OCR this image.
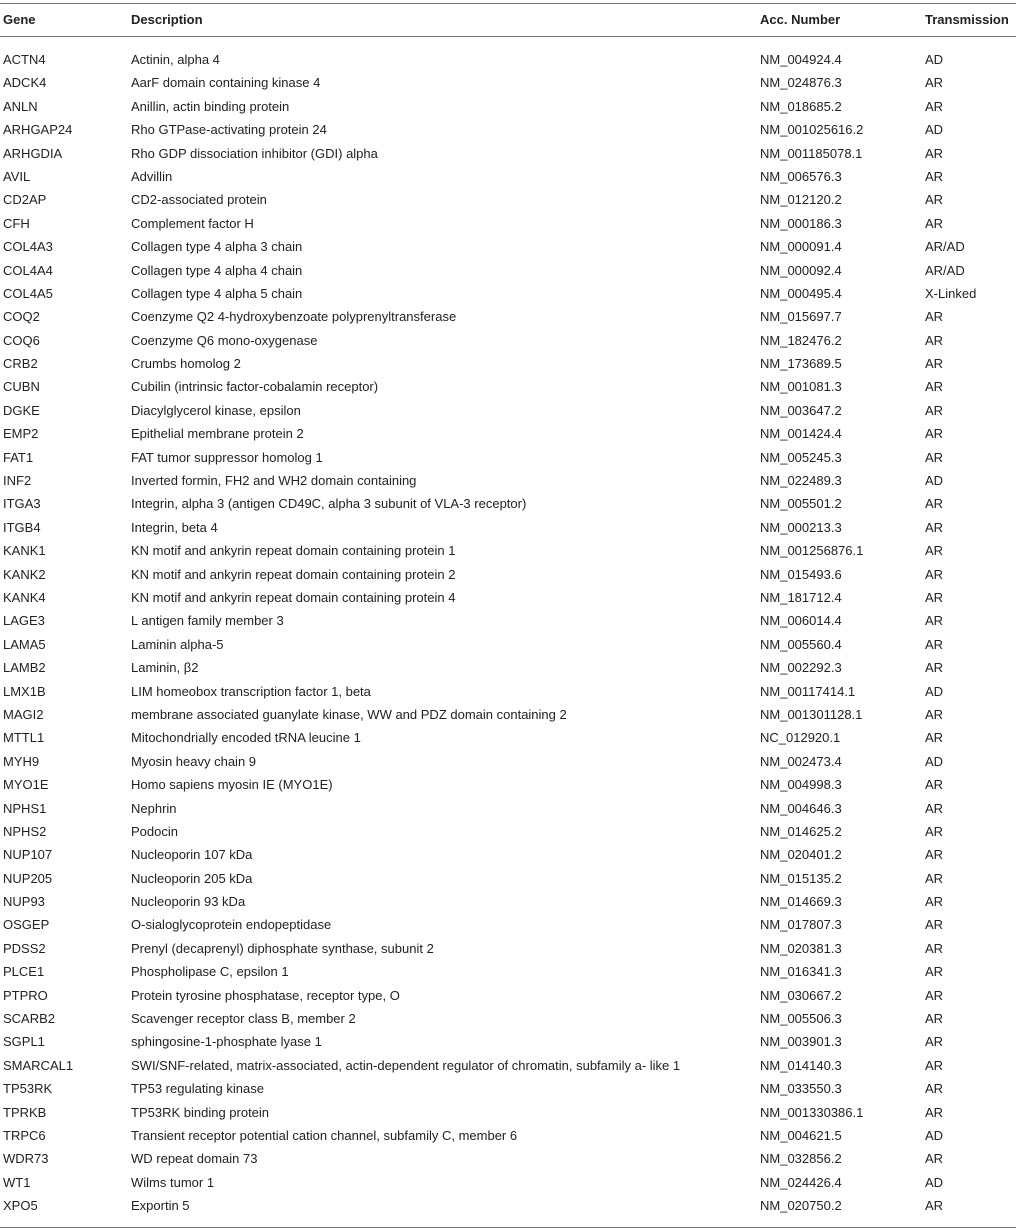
Gene	Description	Acc. Number	Transmission
ACTN4	Actinin, alpha 4	NM_004924.4	AD
ADCK4	AarF domain containing kinase 4	NM_024876.3	AR
ANLN	Anillin, actin binding protein	NM_018685.2	AR
ARHGAP24	Rho GTPase-activating protein 24	NM_001025616.2	AD
ARHGDIA	Rho GDP dissociation inhibitor (GDI) alpha	NM_001185078.1	AR
AVIL	Advillin	NM_006576.3	AR
CD2AP	CD2-associated protein	NM_012120.2	AR
CFH	Complement factor H	NM_000186.3	AR
COL4A3	Collagen type 4 alpha 3 chain	NM_000091.4	AR/AD
COL4A4	Collagen type 4 alpha 4 chain	NM_000092.4	AR/AD
COL4A5	Collagen type 4 alpha 5 chain	NM_000495.4	X-Linked
COQ2	Coenzyme Q2 4-hydroxybenzoate polyprenyltransferase	NM_015697.7	AR
COQ6	Coenzyme Q6 mono-oxygenase	NM_182476.2	AR
CRB2	Crumbs homolog 2	NM_173689.5	AR
CUBN	Cubilin (intrinsic factor-cobalamin receptor)	NM_001081.3	AR
DGKE	Diacylglycerol kinase, epsilon	NM_003647.2	AR
EMP2	Epithelial membrane protein 2	NM_001424.4	AR
FAT1	FAT tumor suppressor homolog 1	NM_005245.3	AR
INF2	Inverted formin, FH2 and WH2 domain containing	NM_022489.3	AD
ITGA3	Integrin, alpha 3 (antigen CD49C, alpha 3 subunit of VLA-3 receptor)	NM_005501.2	AR
ITGB4	Integrin, beta 4	NM_000213.3	AR
KANK1	KN motif and ankyrin repeat domain containing protein 1	NM_001256876.1	AR
KANK2	KN motif and ankyrin repeat domain containing protein 2	NM_015493.6	AR
KANK4	KN motif and ankyrin repeat domain containing protein 4	NM_181712.4	AR
LAGE3	L antigen family member 3	NM_006014.4	AR
LAMA5	Laminin alpha-5	NM_005560.4	AR
LAMB2	Laminin, β2	NM_002292.3	AR
LMX1B	LIM homeobox transcription factor 1, beta	NM_00117414.1	AD
MAGI2	membrane associated guanylate kinase, WW and PDZ domain containing 2	NM_001301128.1	AR
MTTL1	Mitochondrially encoded tRNA leucine 1	NC_012920.1	AR
MYH9	Myosin heavy chain 9	NM_002473.4	AD
MYO1E	Homo sapiens myosin IE (MYO1E)	NM_004998.3	AR
NPHS1	Nephrin	NM_004646.3	AR
NPHS2	Podocin	NM_014625.2	AR
NUP107	Nucleoporin 107 kDa	NM_020401.2	AR
NUP205	Nucleoporin 205 kDa	NM_015135.2	AR
NUP93	Nucleoporin 93 kDa	NM_014669.3	AR
OSGEP	O-sialoglycoprotein endopeptidase	NM_017807.3	AR
PDSS2	Prenyl (decaprenyl) diphosphate synthase, subunit 2	NM_020381.3	AR
PLCE1	Phospholipase C, epsilon 1	NM_016341.3	AR
PTPRO	Protein tyrosine phosphatase, receptor type, O	NM_030667.2	AR
SCARB2	Scavenger receptor class B, member 2	NM_005506.3	AR
SGPL1	sphingosine-1-phosphate lyase 1	NM_003901.3	AR
SMARCAL1	SWI/SNF-related, matrix-associated, actin-dependent regulator of chromatin, subfamily a- like 1	NM_014140.3	AR
TP53RK	TP53 regulating kinase	NM_033550.3	AR
TPRKB	TP53RK binding protein	NM_001330386.1	AR
TRPC6	Transient receptor potential cation channel, subfamily C, member 6	NM_004621.5	AD
WDR73	WD repeat domain 73	NM_032856.2	AR
WT1	Wilms tumor 1	NM_024426.4	AD
XPO5	Exportin 5	NM_020750.2	AR
